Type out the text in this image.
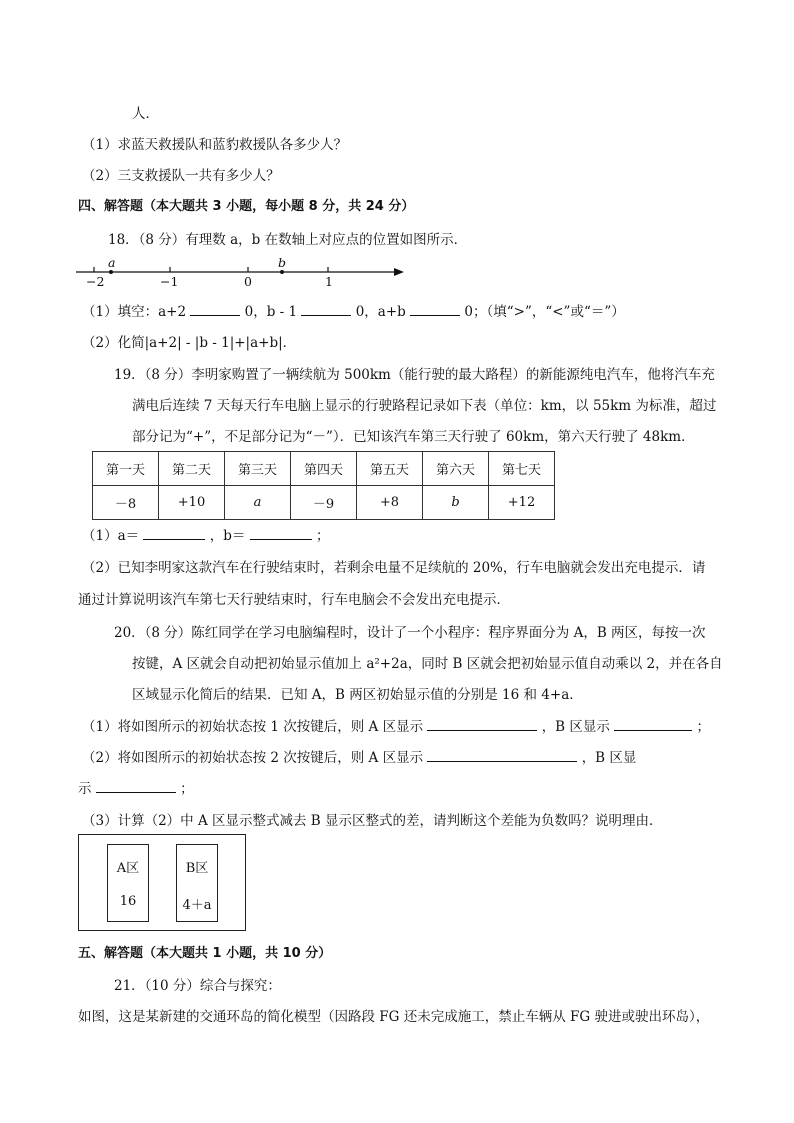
人．
（1）求蓝天救援队和蓝豹救援队各多少人？
（2）三支救援队一共有多少人？
四、解答题（本大题共 3 小题，每小题 8 分，共 24 分）
18．（8 分）有理数 a，b 在数轴上对应点的位置如图所示．
a	b
−2	−1	0	1
（1）填空：a+2	0，b - 1	0，a+b	0；（填“>”，“<”或“＝”）
（2）化简|a+2| - |b - 1|+|a+b|．
19．（8 分）李明家购置了一辆续航为 500km（能行驶的最大路程）的新能源纯电汽车，他将汽车充
满电后连续 7 天每天行车电脑上显示的行驶路程记录如下表（单位：km，以 55km 为标准，超过
部分记为“+”，不足部分记为“－”）．已知该汽车第三天行驶了 60km，第六天行驶了 48km．
第一天	第二天	第三天	第四天	第五天	第六天	第七天
－8	+10	a	－9	+8	b	+12
（1）a＝	，b＝	；
（2）已知李明家这款汽车在行驶结束时，若剩余电量不足续航的 20%，行车电脑就会发出充电提示．请
通过计算说明该汽车第七天行驶结束时，行车电脑会不会发出充电提示．
20．（8 分）陈红同学在学习电脑编程时，设计了一个小程序：程序界面分为 A，B 两区，每按一次
按键，A 区就会自动把初始显示值加上 a²+2a，同时 B 区就会把初始显示值自动乘以 2，并在各自
区域显示化简后的结果．已知 A，B 两区初始显示值的分别是 16 和 4+a．
（1）将如图所示的初始状态按 1 次按键后，则 A 区显示	，B 区显示	；
（2）将如图所示的初始状态按 2 次按键后，则 A 区显示	，B 区显
示	；
（3）计算（2）中 A 区显示整式减去 B 显示区整式的差，请判断这个差能为负数吗？说明理由．
A区
16
B区
4＋a
五、解答题（本大题共 1 小题，共 10 分）
21．（10 分）综合与探究：
如图，这是某新建的交通环岛的简化模型（因路段 FG 还未完成施工，禁止车辆从 FG 驶进或驶出环岛），
